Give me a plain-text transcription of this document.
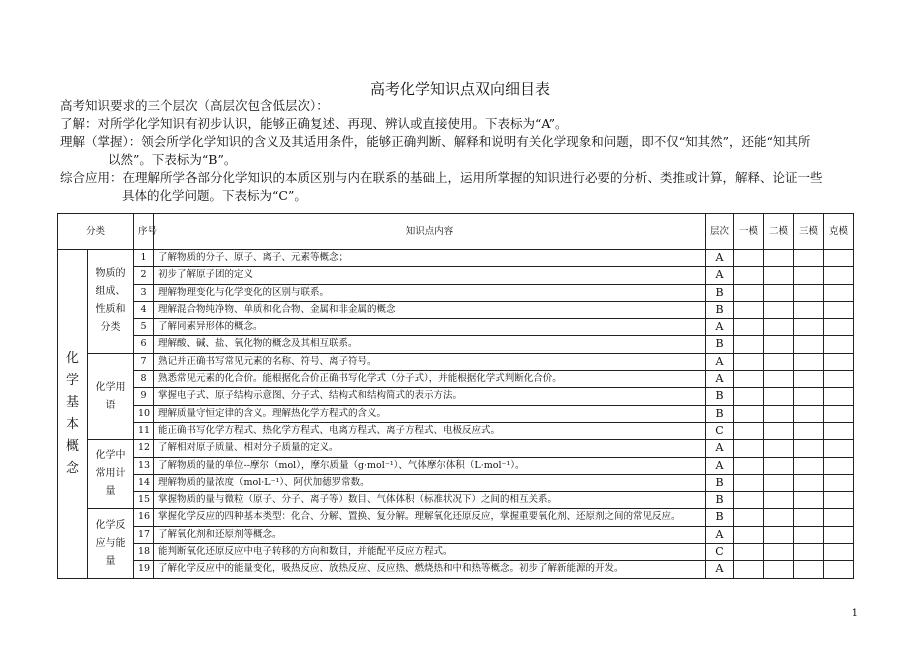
高考化学知识点双向细目表

高考知识要求的三个层次（高层次包含低层次）：

了解：对所学化学知识有初步认识，能够正确复述、再现、辨认或直接使用。下表标为“A”。

理解（掌握）：领会所学化学知识的含义及其适用条件，能够正确判断、解释和说明有关化学现象和问题，即不仅“知其然”，还能“知其所

以然”。下表标为“B”。

综合应用：在理解所学各部分化学知识的本质区别与内在联系的基础上，运用所掌握的知识进行必要的分析、类推或计算，解释、论证一些

具体的化学问题。下表标为“C”。

分类		序号	知识点内容	层次	一模	二模	三模	克模
化学基本概念	物质的组成、性质和分类	1	了解物质的分子、原子、离子、元素等概念；	A				
		2	初步了解原子团的定义	A				
		3	理解物理变化与化学变化的区别与联系。	B				
		4	理解混合物纯净物、单质和化合物、金属和非金属的概念	B				
		5	了解同素异形体的概念。	A				
		6	理解酸、碱、盐、氧化物的概念及其相互联系。	B				
	化学用语	7	熟记并正确书写常见元素的名称、符号、离子符号。	A				
		8	熟悉常见元素的化合价。能根据化合价正确书写化学式（分子式），并能根据化学式判断化合价。	A				
		9	掌握电子式、原子结构示意图、分子式、结构式和结构简式的表示方法。	B				
		10	理解质量守恒定律的含义。理解热化学方程式的含义。	B				
		11	能正确书写化学方程式、热化学方程式、电离方程式、离子方程式、电极反应式。	C				
	化学中常用计量	12	了解相对原子质量、相对分子质量的定义。	A				
		13	了解物质的量的单位--摩尔（mol），摩尔质量（g·mol⁻¹）、气体摩尔体积（L·mol⁻¹）。	A				
		14	理解物质的量浓度（mol·L⁻¹）、阿伏加德罗常数。	B				
		15	掌握物质的量与微粒（原子、分子、离子等）数目、气体体积（标准状况下）之间的相互关系。	B				
	化学反应与能量	16	掌握化学反应的四种基本类型：化合、分解、置换、复分解。理解氧化还原反应，掌握重要氧化剂、还原剂之间的常见反应。	B				
		17	了解氧化剂和还原剂等概念。	A				
		18	能判断氧化还原反应中电子转移的方向和数目，并能配平反应方程式。	C				
		19	了解化学反应中的能量变化，吸热反应、放热反应、反应热、燃烧热和中和热等概念。初步了解新能源的开发。	A				
1
